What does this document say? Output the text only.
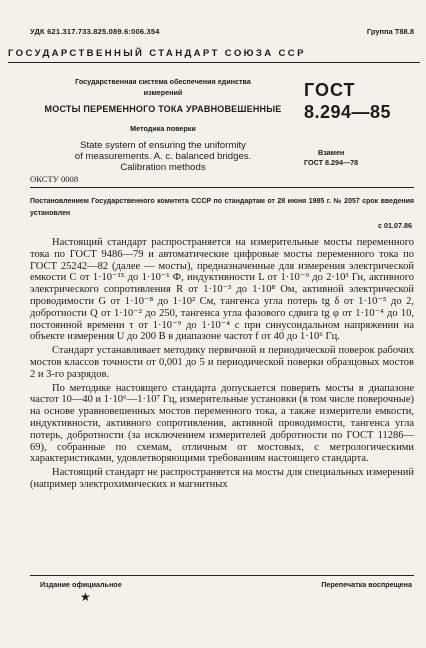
УДК 621.317.733.825.089.6:006.354	Группа Т88.8
ГОСУДАРСТВЕННЫЙ СТАНДАРТ СОЮЗА ССР
Государственная система обеспечения единства
измерений
МОСТЫ ПЕРЕМЕННОГО ТОКА УРАВНОВЕШЕННЫЕ
Методика поверки
State system of ensuring the uniformity
of measurements. A. c. balanced bridges.
Calibration methods
ГОСТ
8.294—85
Взамен
ГОСТ 8.294—78
ОКСТУ 0008
Постановлением Государственного комитета СССР по стандартам от 28 июня 1985 г. № 2057 срок введения установлен
с 01.07.86

Настоящий стандарт распространяется на измерительные мосты переменного тока по ГОСТ 9486—79 и автоматические цифровые мосты переменного тока по ГОСТ 25242—82 (далее — мосты), предназначенные для измерения электрической емкости C от 1·10⁻¹⁵ до 1·10⁻¹ Ф, индуктивности L от 1·10⁻⁹ до 2·10³ Гн, активного электрического сопротивления R от 1·10⁻³ до 1·10⁸ Ом, активной электрической проводимости G от 1·10⁻⁸ до 1·10² См, тангенса угла потерь tg δ от 1·10⁻⁵ до 2, добротности Q от 1·10⁻² до 250, тангенса угла фазового сдвига tg φ от 1·10⁻⁴ до 10, постоянной времени τ от 1·10⁻⁹ до 1·10⁻⁴ с при синусоидальном напряжении на объекте измерения U до 200 В в диапазоне частот f от 40 до 1·10⁶ Гц.

Стандарт устанавливает методику первичной и периодической поверок рабочих мостов классов точности от 0,001 до 5 и периодической поверки образцовых мостов 2 и 3-го разрядов.

По методике настоящего стандарта допускается поверять мосты в диапазоне частот 10—40 и 1·10⁶—1·10⁷ Гц, измерительные установки (в том числе поверочные) на основе уравновешенных мостов переменного тока, а также измерители емкости, индуктивности, активного сопротивления, активной проводимости, тангенса угла потерь, добротности (за исключением измерителей добротности по ГОСТ 11286—69), собранные по схемам, отличным от мостовых, с метрологическими характеристиками, удовлетворяющими требованиям настоящего стандарта.

Настоящий стандарт не распространяется на мосты для специальных измерений (например электрохимических и магнитных

Издание официальное	Перепечатка воспрещена
★
